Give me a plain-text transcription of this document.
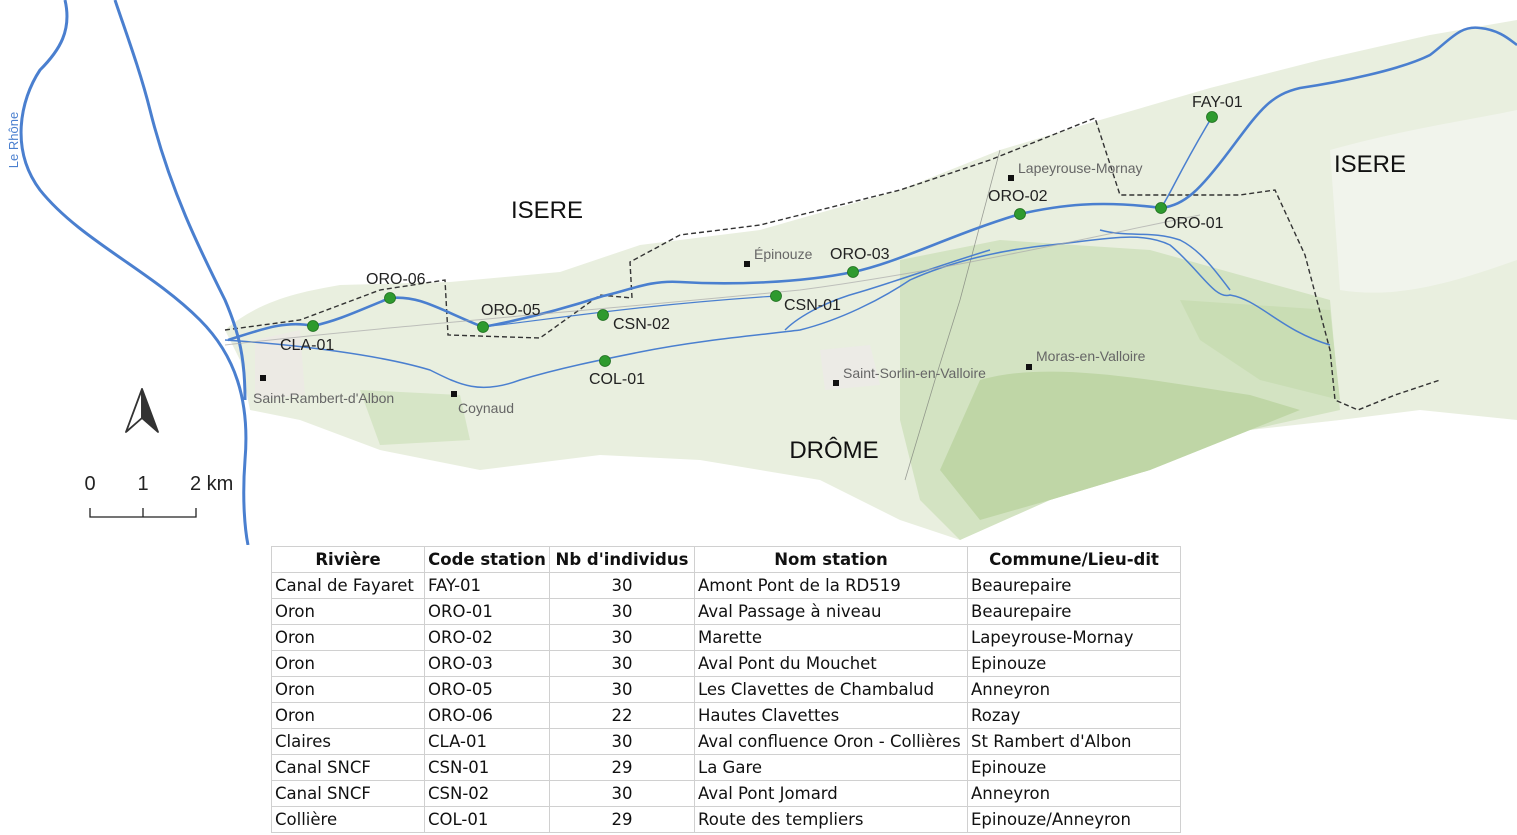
Le Rhône
ISERE
ISERE
DRÔME
Saint-Rambert-d'Albon
Coynaud
Épinouze
Lapeyrouse-Mornay
Saint-Sorlin-en-Valloire
Moras-en-Valloire
FAY-01
ORO-01
ORO-02
ORO-03
ORO-05
ORO-06
CLA-01
CSN-01
CSN-02
COL-01
0 1 2 km
Rivière	Code station	Nb d'individus	Nom station	Commune/Lieu-dit
Canal de Fayaret	FAY-01	30	Amont Pont de la RD519	Beaurepaire
Oron	ORO-01	30	Aval Passage à niveau	Beaurepaire
Oron	ORO-02	30	Marette	Lapeyrouse-Mornay
Oron	ORO-03	30	Aval Pont du Mouchet	Epinouze
Oron	ORO-05	30	Les Clavettes de Chambalud	Anneyron
Oron	ORO-06	22	Hautes Clavettes	Rozay
Claires	CLA-01	30	Aval confluence Oron - Collières	St Rambert d'Albon
Canal SNCF	CSN-01	29	La Gare	Epinouze
Canal SNCF	CSN-02	30	Aval Pont Jomard	Anneyron
Collière	COL-01	29	Route des templiers	Epinouze/Anneyron
